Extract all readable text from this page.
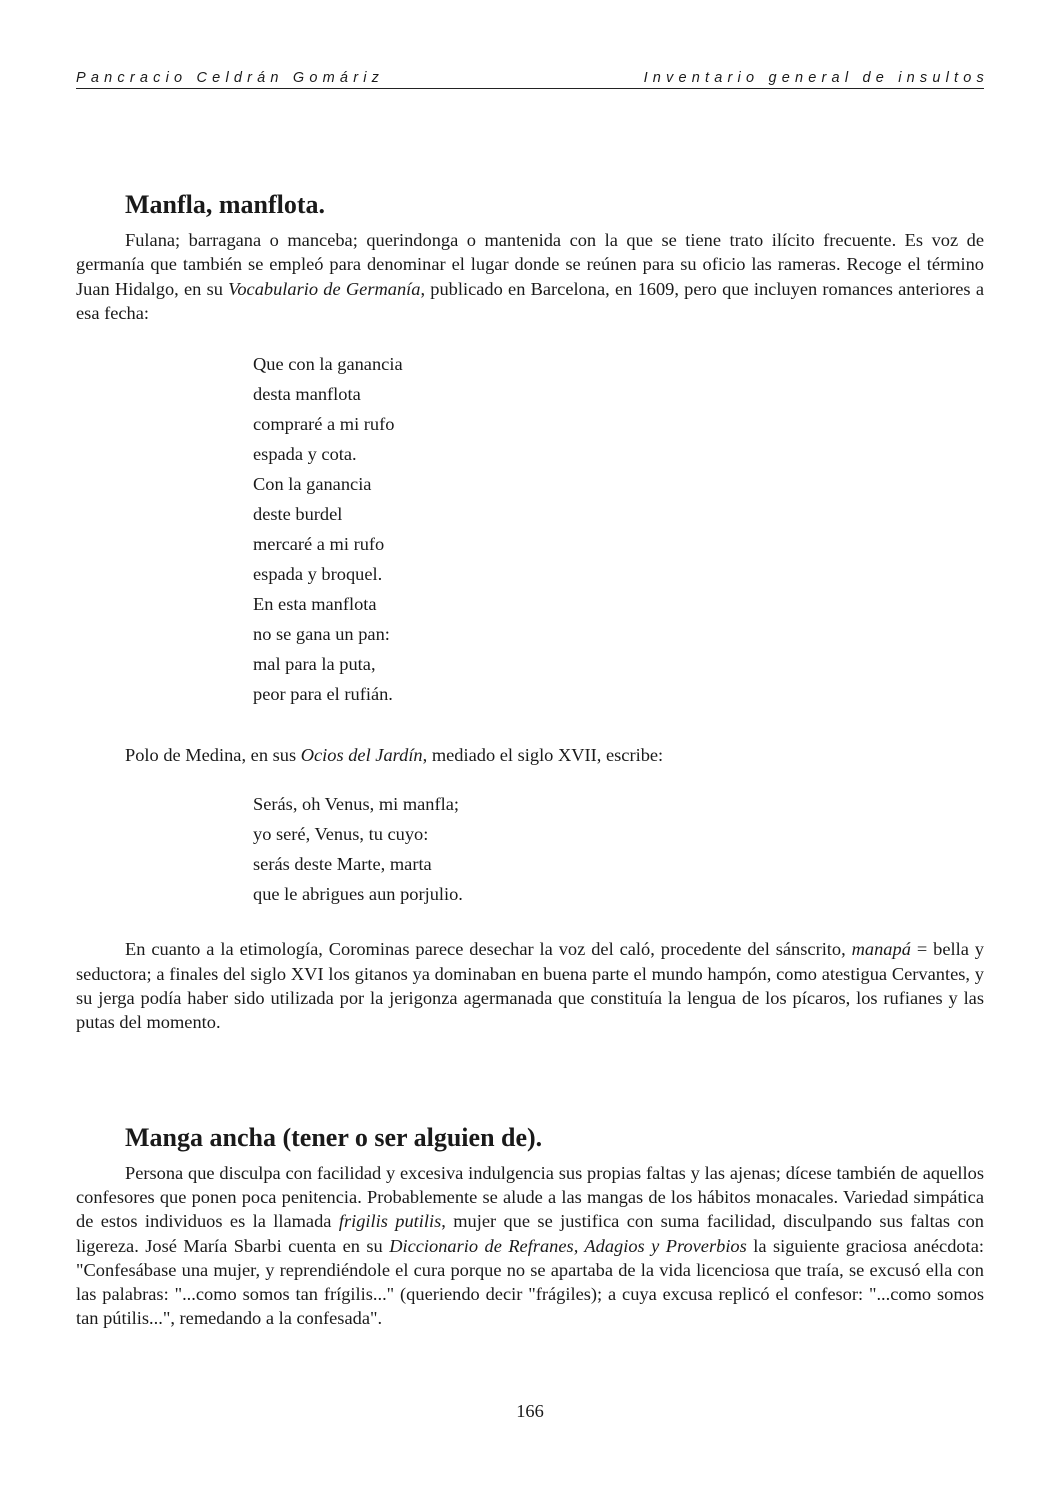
Pancracio Celdrán Gomáriz	Inventario general de insultos
Manfla, manflota.

Fulana; barragana o manceba; querindonga o mantenida con la que se tiene trato ilícito frecuente. Es voz de germanía que también se empleó para denominar el lugar donde se reúnen para su oficio las rameras. Recoge el término Juan Hidalgo, en su Vocabulario de Germanía, publicado en Barcelona, en 1609, pero que incluyen romances anteriores a esa fecha:

Que con la ganancia
desta manflota
compraré a mi rufo
espada y cota.
Con la ganancia
deste burdel
mercaré a mi rufo
espada y broquel.
En esta manflota
no se gana un pan:
mal para la puta,
peor para el rufián.

Polo de Medina, en sus Ocios del Jardín, mediado el siglo XVII, escribe:

Serás, oh Venus, mi manfla;
yo seré, Venus, tu cuyo:
serás deste Marte, marta
que le abrigues aun porjulio.

En cuanto a la etimología, Corominas parece desechar la voz del caló, procedente del sánscrito, manapá = bella y seductora; a finales del siglo XVI los gitanos ya dominaban en buena parte el mundo hampón, como atestigua Cervantes, y su jerga podía haber sido utilizada por la jerigonza agermanada que constituía la lengua de los pícaros, los rufianes y las putas del momento.

Manga ancha (tener o ser alguien de).

Persona que disculpa con facilidad y excesiva indulgencia sus propias faltas y las ajenas; dícese también de aquellos confesores que ponen poca penitencia. Probablemente se alude a las mangas de los hábitos monacales. Variedad simpática de estos individuos es la llamada frigilis putilis, mujer que se justifica con suma facilidad, disculpando sus faltas con ligereza. José María Sbarbi cuenta en su Diccionario de Refranes, Adagios y Proverbios la siguiente graciosa anécdota: "Confesábase una mujer, y reprendiéndole el cura porque no se apartaba de la vida licenciosa que traía, se excusó ella con las palabras: "...como somos tan frígilis..." (queriendo decir "frágiles); a cuya excusa replicó el confesor: "...como somos tan pútilis...", remedando a la confesada".

166
